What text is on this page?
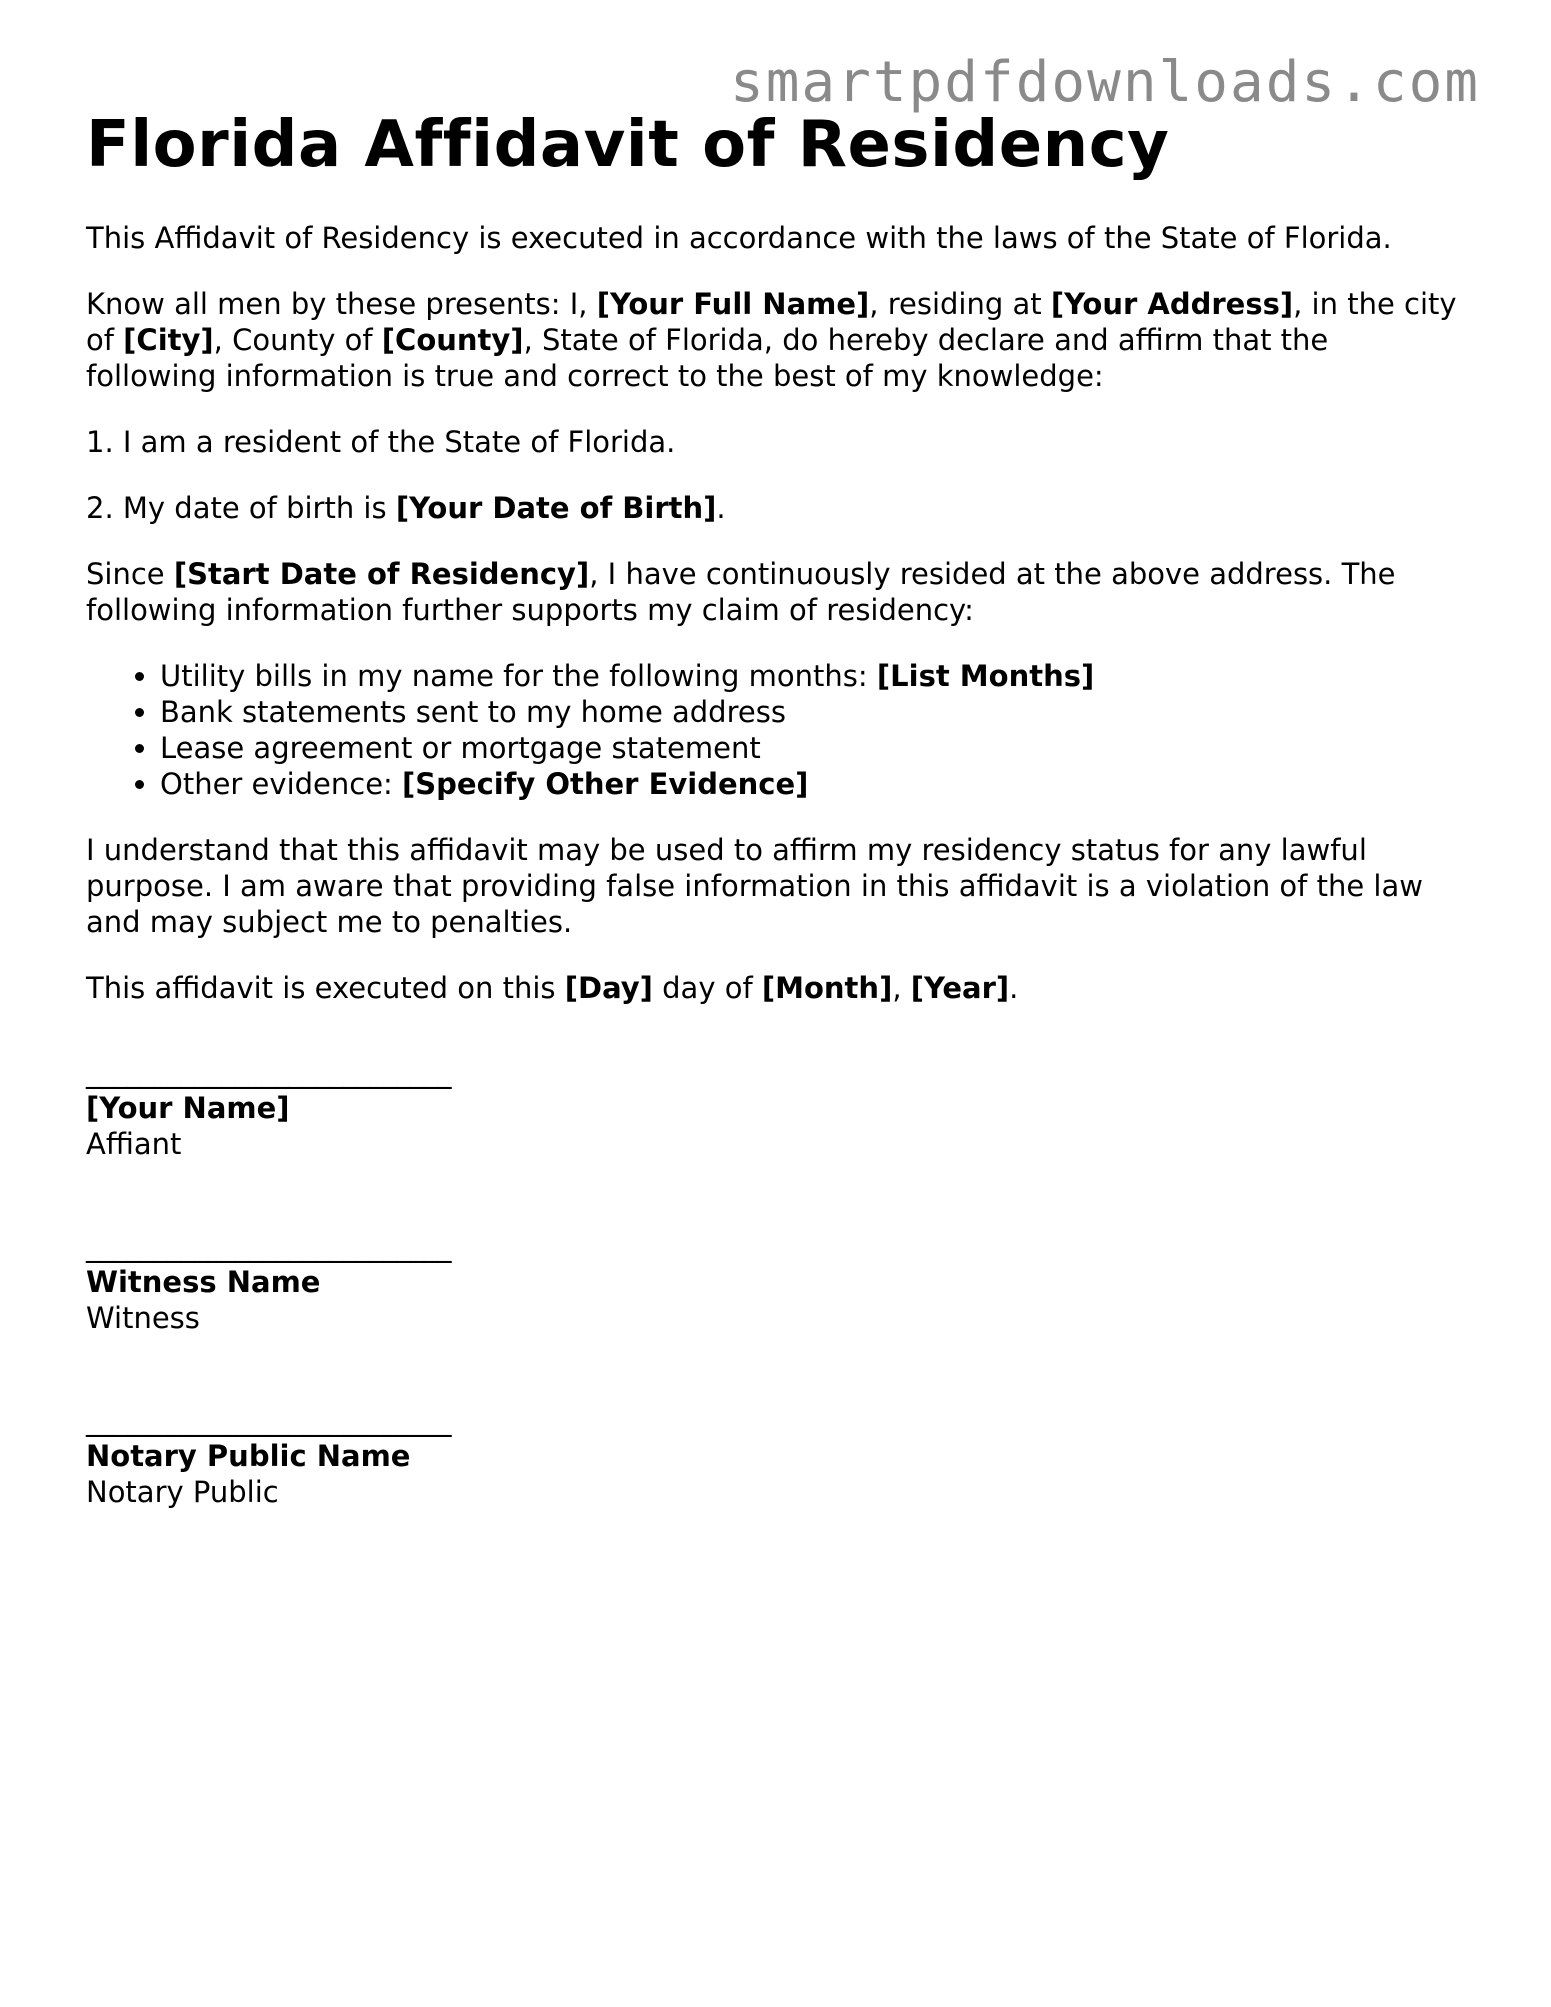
smartpdfdownloads.com
Florida Affidavit of Residency

This Affidavit of Residency is executed in accordance with the laws of the State of Florida.

Know all men by these presents: I, [Your Full Name], residing at [Your Address], in the city of [City], County of [County], State of Florida, do hereby declare and affirm that the following information is true and correct to the best of my knowledge:

1. I am a resident of the State of Florida.

2. My date of birth is [Your Date of Birth].

Since [Start Date of Residency], I have continuously resided at the above address. The following information further supports my claim of residency:

• Utility bills in my name for the following months: [List Months]
• Bank statements sent to my home address
• Lease agreement or mortgage statement
• Other evidence: [Specify Other Evidence]

I understand that this affidavit may be used to affirm my residency status for any lawful purpose. I am aware that providing false information in this affidavit is a violation of the law and may subject me to penalties.

This affidavit is executed on this [Day] day of [Month], [Year].

___________________________
[Your Name]
Affiant
___________________________
Witness Name
Witness
___________________________
Notary Public Name
Notary Public
